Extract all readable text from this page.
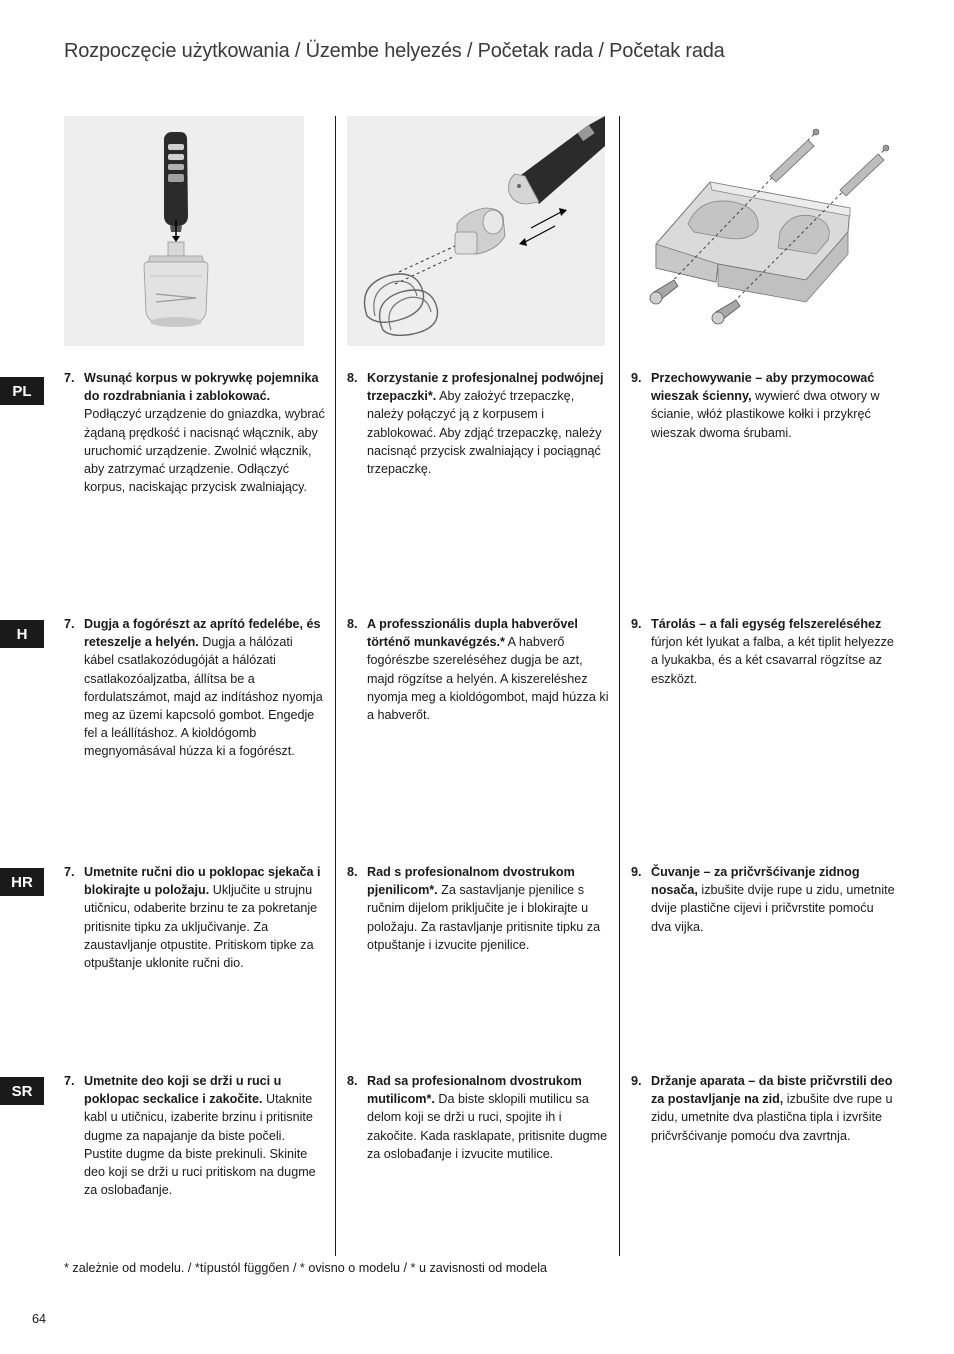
Rozpoczęcie użytkowania / Üzembe helyezés / Početak rada / Početak rada
PL
7. Wsunąć korpus w pokrywkę pojemnika do rozdrabniania i zablokować. Podłączyć urządzenie do gniazdka, wybrać żądaną prędkość i nacisnąć włącznik, aby uruchomić urządzenie. Zwolnić włącznik, aby zatrzymać urządzenie. Odłączyć korpus, naciskając przycisk zwalniający.
8. Korzystanie z profesjonalnej podwójnej trzepaczki*. Aby założyć trzepaczkę, należy połączyć ją z korpusem i zablokować. Aby zdjąć trzepaczkę, należy nacisnąć przycisk zwalniający i pociągnąć trzepaczkę.
9. Przechowywanie – aby przymocować wieszak ścienny, wywierć dwa otwory w ścianie, włóż plastikowe kołki i przykręć wieszak dwoma śrubami.
H
7. Dugja a fogórészt az aprító fedelébe, és reteszelje a helyén. Dugja a hálózati kábel csatlakozódugóját a hálózati csatlakozóaljzatba, állítsa be a fordulatszámot, majd az indításhoz nyomja meg az üzemi kapcsoló gombot. Engedje fel a leállításhoz. A kioldógomb megnyomásával húzza ki a fogórészt.
8. A professzionális dupla habverővel történő munkavégzés.* A habverő fogórészbe szereléséhez dugja be azt, majd rögzítse a helyén. A kiszereléshez nyomja meg a kioldógombot, majd húzza ki a habverőt.
9. Tárolás – a fali egység felszereléséhez fúrjon két lyukat a falba, a két tiplit helyezze a lyukakba, és a két csavarral rögzítse az eszközt.
HR
7. Umetnite ručni dio u poklopac sjekača i blokirajte u položaju. Uključite u strujnu utičnicu, odaberite brzinu te za pokretanje pritisnite tipku za uključivanje. Za zaustavljanje otpustite. Pritiskom tipke za otpuštanje uklonite ručni dio.
8. Rad s profesionalnom dvostrukom pjenilicom*. Za sastavljanje pjenilice s ručnim dijelom priključite je i blokirajte u položaju. Za rastavljanje pritisnite tipku za otpuštanje i izvucite pjenilice.
9. Čuvanje – za pričvršćivanje zidnog nosača, izbušite dvije rupe u zidu, umetnite dvije plastične cijevi i pričvrstite pomoću dva vijka.
SR
7. Umetnite deo koji se drži u ruci u poklopac seckalice i zakočite. Utaknite kabl u utičnicu, izaberite brzinu i pritisnite dugme za napajanje da biste počeli. Pustite dugme da biste prekinuli. Skinite deo koji se drži u ruci pritiskom na dugme za oslobađanje.
8. Rad sa profesionalnom dvostrukom mutilicom*. Da biste sklopili mutilicu sa delom koji se drži u ruci, spojite ih i zakočite. Kada rasklapate, pritisnite dugme za oslobađanje i izvucite mutilice.
9. Držanje aparata – da biste pričvrstili deo za postavljanje na zid, izbušite dve rupe u zidu, umetnite dva plastična tipla i izvršite pričvršćivanje pomoću dva zavrtnja.
* zależnie od modelu. / *típustól függően / * ovisno o modelu / * u zavisnosti od modela
64
